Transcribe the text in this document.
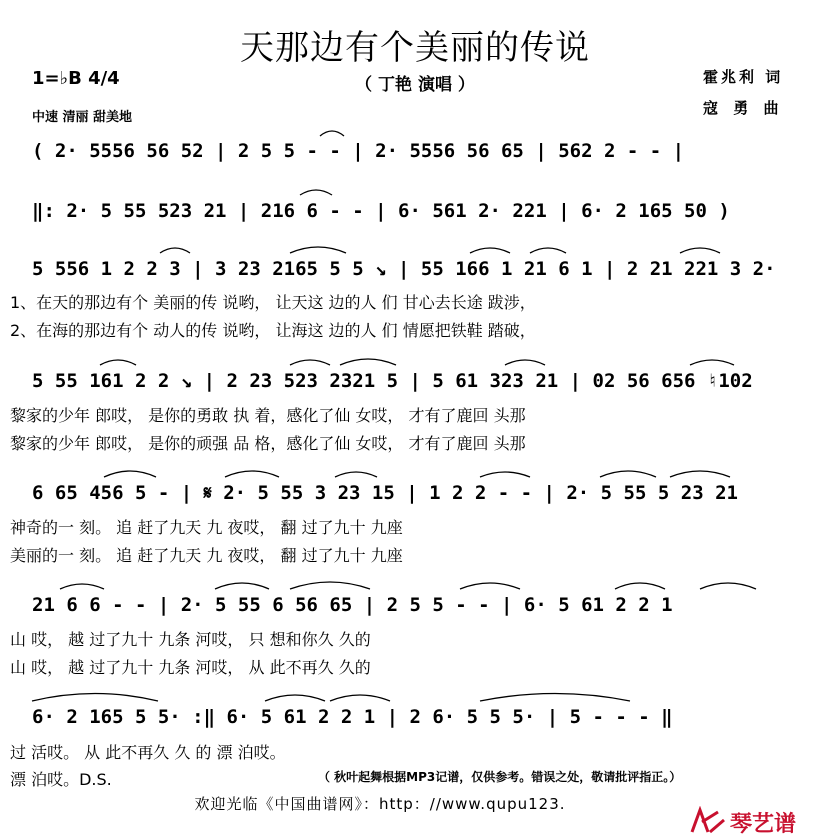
天那边有个美丽的传说
（ 丁艳 演唱 ）
1=♭B 4/4
中速 清丽 甜美地
霍兆利 词
寇 勇 曲
( 2· 5556 56 52 | 2 5 5 - - | 2· 5556 56 65 | 562 2 - - |
‖: 2· 5 55 523 21 | 216 6 - - | 6· 561 2· 221 | 6· 2 165 50 )
5 556 1 2 2 3 | 3 23 2165 5 5 ↘ | 55 166 1 21 6 1 | 2 21 221 3 2·
1、在天的那边有个 美丽的传 说哟， 让天这 边的人 们 甘心去长途 跋涉，
2、在海的那边有个 动人的传 说哟， 让海这 边的人 们 情愿把铁鞋 踏破，
5 55 161 2 2 ↘ | 2 23 523 2321 5 | 5 61 323 21 | 02 56 656 ♮102
黎家的少年 郎哎， 是你的勇敢 执 着，感化了仙 女哎， 才有了鹿回 头那
黎家的少年 郎哎， 是你的顽强 品 格，感化了仙 女哎， 才有了鹿回 头那
6 65 456 5 - | 𝄋 2· 5 55 3 23 15 | 1 2 2 - - | 2· 5 55 5 23 21
神奇的一 刻。 追 赶了九天 九 夜哎， 翻 过了九十 九座
美丽的一 刻。 追 赶了九天 九 夜哎， 翻 过了九十 九座
21 6 6 - - | 2· 5 55 6 56 65 | 2 5 5 - - | 6· 5 61 2 2 1
山 哎， 越 过了九十 九条 河哎， 只 想和你久 久的
山 哎， 越 过了九十 九条 河哎， 从 此不再久 久的
6· 2 165 5 5· :‖ 6· 5 61 2 2 1 | 2 6· 5 5 5· | 5 - - - ‖
过 活哎。 从 此不再久 久 的 漂 泊哎。
漂 泊哎。D.S.	（ 秋叶起舞根据MP3记谱，仅供参考。错误之处，敬请批评指正。）
欢迎光临《中国曲谱网》：http：//www.qupu123.
琴艺谱
